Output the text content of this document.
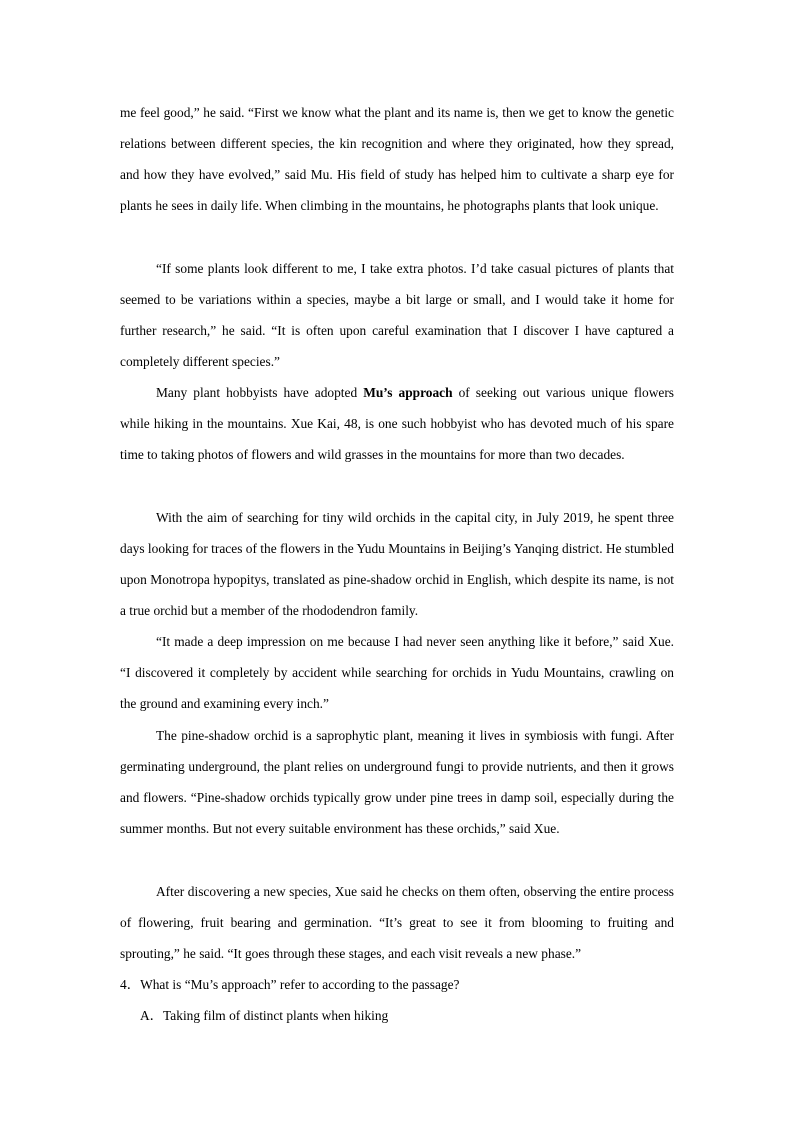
me feel good,” he said. “First we know what the plant and its name is, then we get to know the genetic relations between different species, the kin recognition and where they originated, how they spread, and how they have evolved,” said Mu. His field of study has helped him to cultivate a sharp eye for plants he sees in daily life. When climbing in the mountains, he photographs plants that look unique.

“If some plants look different to me, I take extra photos. I’d take casual pictures of plants that seemed to be variations within a species, maybe a bit large or small, and I would take it home for further research,” he said. “It is often upon careful examination that I discover I have captured a completely different species.”

Many plant hobbyists have adopted Mu’s approach of seeking out various unique flowers while hiking in the mountains. Xue Kai, 48, is one such hobbyist who has devoted much of his spare time to taking photos of flowers and wild grasses in the mountains for more than two decades.

With the aim of searching for tiny wild orchids in the capital city, in July 2019, he spent three days looking for traces of the flowers in the Yudu Mountains in Beijing’s Yanqing district. He stumbled upon Monotropa hypopitys, translated as pine-shadow orchid in English, which despite its name, is not a true orchid but a member of the rhododendron family.

“It made a deep impression on me because I had never seen anything like it before,” said Xue. “I discovered it completely by accident while searching for orchids in Yudu Mountains, crawling on the ground and examining every inch.”

The pine-shadow orchid is a saprophytic plant, meaning it lives in symbiosis with fungi. After germinating underground, the plant relies on underground fungi to provide nutrients, and then it grows and flowers. “Pine-shadow orchids typically grow under pine trees in damp soil, especially during the summer months. But not every suitable environment has these orchids,” said Xue.

After discovering a new species, Xue said he checks on them often, observing the entire process of flowering, fruit bearing and germination. “It’s great to see it from blooming to fruiting and sprouting,” he said. “It goes through these stages, and each visit reveals a new phase.”

4．What is “Mu’s approach” refer to according to the passage?
A．Taking film of distinct plants when hiking
